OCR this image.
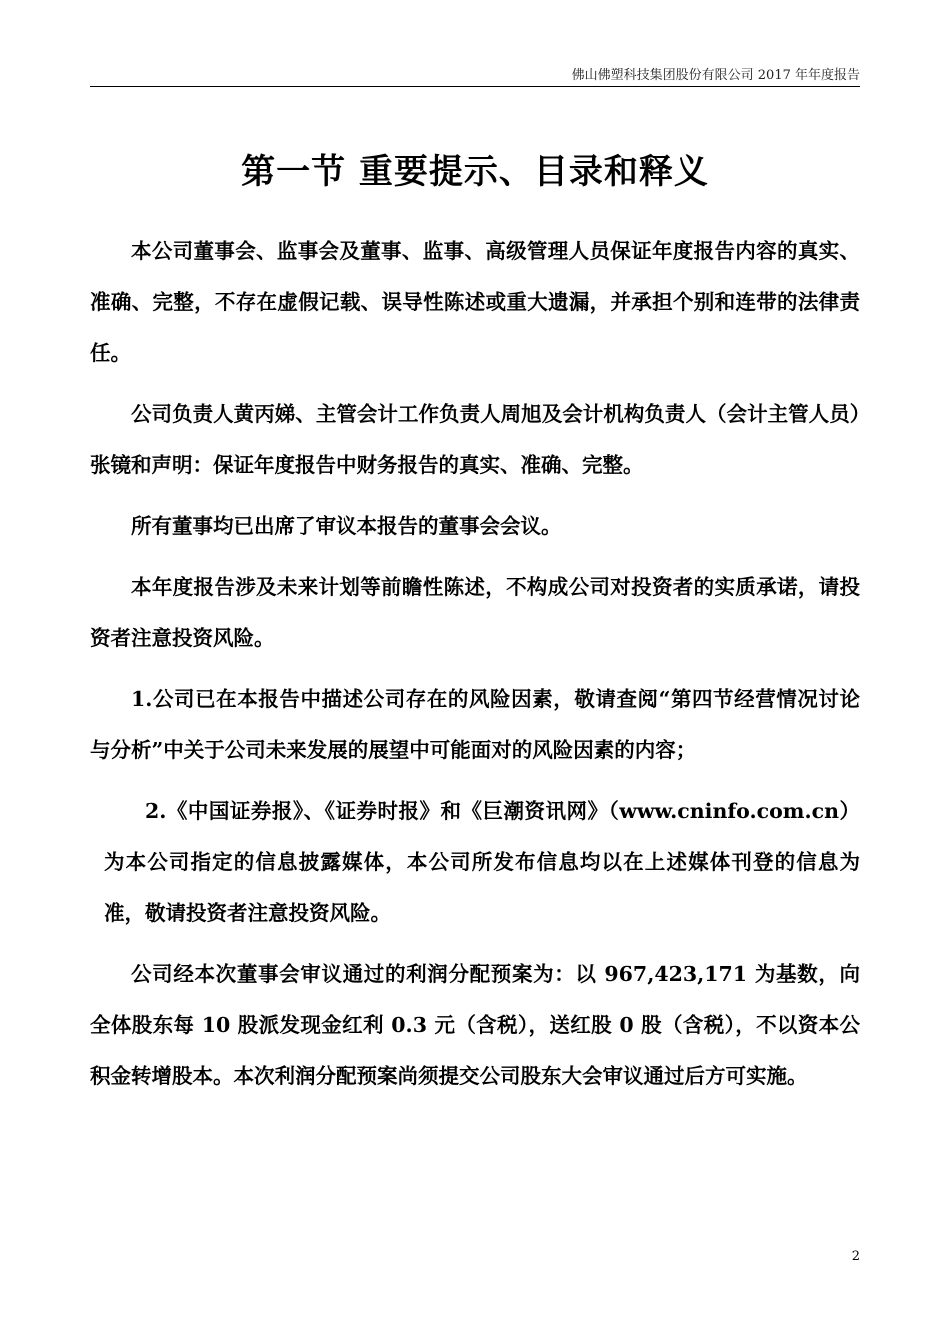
佛山佛塑科技集团股份有限公司 2017 年年度报告
第一节 重要提示、目录和释义

本公司董事会、监事会及董事、监事、高级管理人员保证年度报告内容的真实、准确、完整，不存在虚假记载、误导性陈述或重大遗漏，并承担个别和连带的法律责任。

公司负责人黄丙娣、主管会计工作负责人周旭及会计机构负责人（会计主管人员）张镜和声明：保证年度报告中财务报告的真实、准确、完整。

所有董事均已出席了审议本报告的董事会会议。

本年度报告涉及未来计划等前瞻性陈述，不构成公司对投资者的实质承诺，请投资者注意投资风险。

1.公司已在本报告中描述公司存在的风险因素，敬请查阅“第四节经营情况讨论与分析”中关于公司未来发展的展望中可能面对的风险因素的内容；

2.《中国证券报》、《证券时报》和《巨潮资讯网》（www.cninfo.com.cn）为本公司指定的信息披露媒体，本公司所发布信息均以在上述媒体刊登的信息为准，敬请投资者注意投资风险。

公司经本次董事会审议通过的利润分配预案为：以 967,423,171 为基数，向全体股东每 10 股派发现金红利 0.3 元（含税），送红股 0 股（含税），不以资本公积金转增股本。本次利润分配预案尚须提交公司股东大会审议通过后方可实施。

2
